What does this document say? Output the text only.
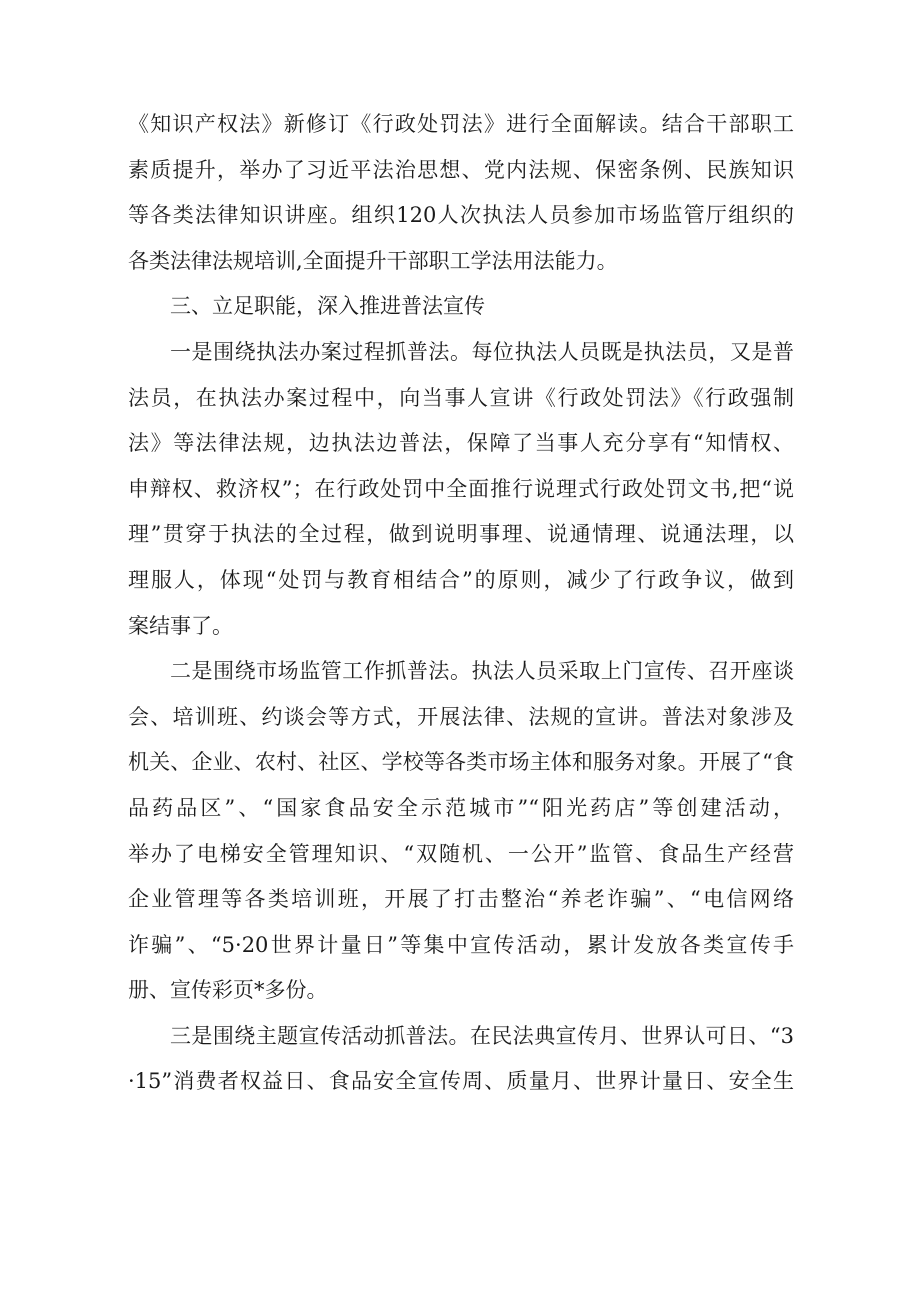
《知识产权法》新修订《行政处罚法》进行全面解读。结合干部职工
素质提升，举办了习近平法治思想、党内法规、保密条例、民族知识
等各类法律知识讲座。组织120人次执法人员参加市场监管厅组织的
各类法律法规培训,全面提升干部职工学法用法能力。
三、立足职能，深入推进普法宣传
一是围绕执法办案过程抓普法。每位执法人员既是执法员，又是普
法员，在执法办案过程中，向当事人宣讲《行政处罚法》《行政强制
法》等法律法规，边执法边普法，保障了当事人充分享有“知情权、
申辩权、救济权”；在行政处罚中全面推行说理式行政处罚文书,把“说
理”贯穿于执法的全过程，做到说明事理、说通情理、说通法理，以
理服人，体现“处罚与教育相结合”的原则，减少了行政争议，做到
案结事了。
二是围绕市场监管工作抓普法。执法人员采取上门宣传、召开座谈
会、培训班、约谈会等方式，开展法律、法规的宣讲。普法对象涉及
机关、企业、农村、社区、学校等各类市场主体和服务对象。开展了“食
品药品区”、“国家食品安全示范城市”“阳光药店”等创建活动，
举办了电梯安全管理知识、“双随机、一公开”监管、食品生产经营
企业管理等各类培训班，开展了打击整治“养老诈骗”、“电信网络
诈骗”、“5·20世界计量日”等集中宣传活动，累计发放各类宣传手
册、宣传彩页*多份。
三是围绕主题宣传活动抓普法。在民法典宣传月、世界认可日、“3
·15”消费者权益日、食品安全宣传周、质量月、世界计量日、安全生
